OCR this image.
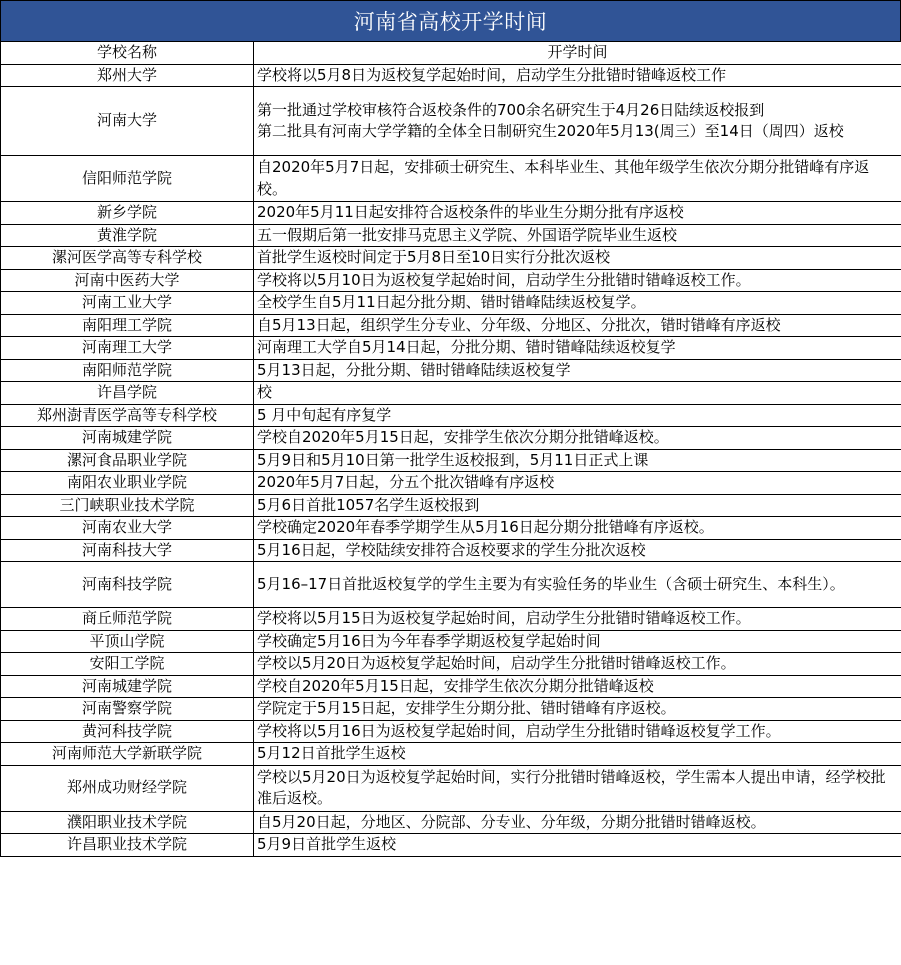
河南省高校开学时间
学校名称	开学时间
郑州大学	学校将以5月8日为返校复学起始时间，启动学生分批错时错峰返校工作
河南大学	第一批通过学校审核符合返校条件的700余名研究生于4月26日陆续返校报到
第二批具有河南大学学籍的全体全日制研究生2020年5月13(周三）至14日（周四）返校
信阳师范学院	自2020年5月7日起，安排硕士研究生、本科毕业生、其他年级学生依次分期分批错峰有序返校。
新乡学院	2020年5月11日起安排符合返校条件的毕业生分期分批有序返校
黄淮学院	五一假期后第一批安排马克思主义学院、外国语学院毕业生返校
漯河医学高等专科学校	首批学生返校时间定于5月8日至10日实行分批次返校
河南中医药大学	学校将以5月10日为返校复学起始时间，启动学生分批错时错峰返校工作。
河南工业大学	全校学生自5月11日起分批分期、错时错峰陆续返校复学。
南阳理工学院	自5月13日起，组织学生分专业、分年级、分地区、分批次，错时错峰有序返校
河南理工大学	河南理工大学自5月14日起，分批分期、错时错峰陆续返校复学
南阳师范学院	5月13日起，分批分期、错时错峰陆续返校复学
许昌学院	校
郑州澍青医学高等专科学校	5 月中旬起有序复学
河南城建学院	学校自2020年5月15日起，安排学生依次分期分批错峰返校。
漯河食品职业学院	5月9日和5月10日第一批学生返校报到，5月11日正式上课
南阳农业职业学院	2020年5月7日起，分五个批次错峰有序返校
三门峡职业技术学院	5月6日首批1057名学生返校报到
河南农业大学	学校确定2020年春季学期学生从5月16日起分期分批错峰有序返校。
河南科技大学	5月16日起，学校陆续安排符合返校要求的学生分批次返校
河南科技学院	5月16–17日首批返校复学的学生主要为有实验任务的毕业生（含硕士研究生、本科生）。
商丘师范学院	学校将以5月15日为返校复学起始时间，启动学生分批错时错峰返校工作。
平顶山学院	学校确定5月16日为今年春季学期返校复学起始时间
安阳工学院	学校以5月20日为返校复学起始时间，启动学生分批错时错峰返校工作。
河南城建学院	学校自2020年5月15日起，安排学生依次分期分批错峰返校
河南警察学院	学院定于5月15日起，安排学生分期分批、错时错峰有序返校。
黄河科技学院	学校将以5月16日为返校复学起始时间，启动学生分批错时错峰返校复学工作。
河南师范大学新联学院	5月12日首批学生返校
郑州成功财经学院	学校以5月20日为返校复学起始时间，实行分批错时错峰返校，学生需本人提出申请，经学校批准后返校。
濮阳职业技术学院	自5月20日起，分地区、分院部、分专业、分年级，分期分批错时错峰返校。
许昌职业技术学院	5月9日首批学生返校
